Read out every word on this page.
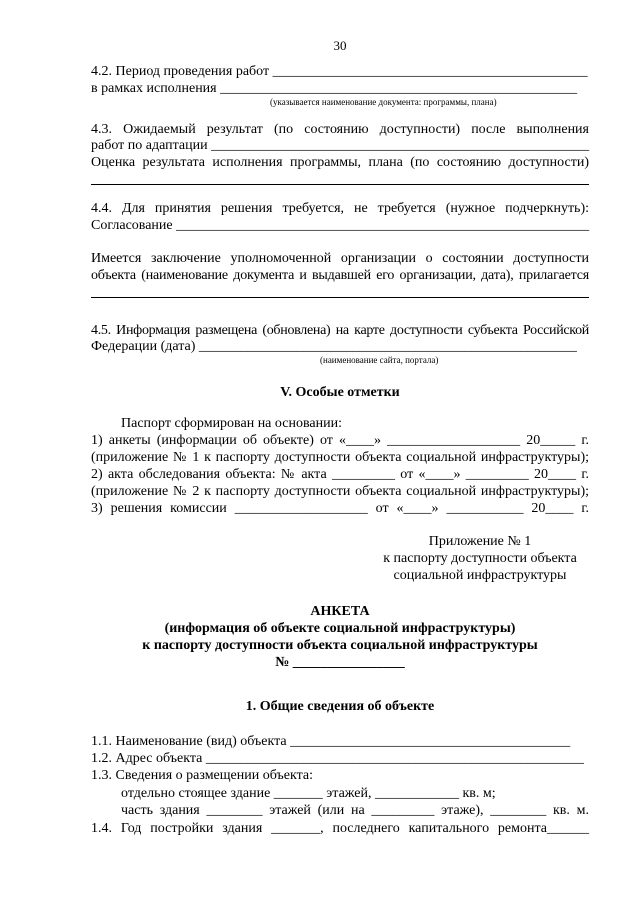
30
4.2. Период проведения работ _____________________________________________
в рамках исполнения ___________________________________________________
(указывается наименование документа: программы, плана)
4.3. Ожидаемый результат (по состоянию доступности) после выполнения
работ по адаптации ______________________________________________________
Оценка результата исполнения программы, плана (по состоянию доступности)
4.4. Для принятия решения требуется, не требуется (нужное подчеркнуть):
Согласование ___________________________________________________________
Имеется заключение уполномоченной организации о состоянии доступности
объекта (наименование документа и выдавшей его организации, дата), прилагается
4.5. Информация размещена (обновлена) на карте доступности субъекта Российской
Федерации (дата) ______________________________________________________
(наименование сайта, портала)
V. Особые отметки
Паспорт сформирован на основании:
1) анкеты (информации об объекте) от «____» ___________________ 20_____ г.
(приложение № 1 к паспорту доступности объекта социальной инфраструктуры);
2) акта обследования объекта: № акта _________ от «____» _________ 20____ г.
(приложение № 2 к паспорту доступности объекта социальной инфраструктуры);
3) решения комиссии ___________________ от «____» ___________ 20____ г.
Приложение № 1
к паспорту доступности объекта
социальной инфраструктуры
АНКЕТА
(информация об объекте социальной инфраструктуры)
к паспорту доступности объекта социальной инфраструктуры
№ ________________
1. Общие сведения об объекте
1.1. Наименование (вид) объекта ________________________________________
1.2. Адрес объекта ______________________________________________________
1.3. Сведения о размещении объекта:
отдельно стоящее здание _______ этажей, ____________ кв. м;
часть здания ________ этажей (или на _________ этаже), ________ кв. м.
1.4. Год постройки здания _______, последнего капитального ремонта______
